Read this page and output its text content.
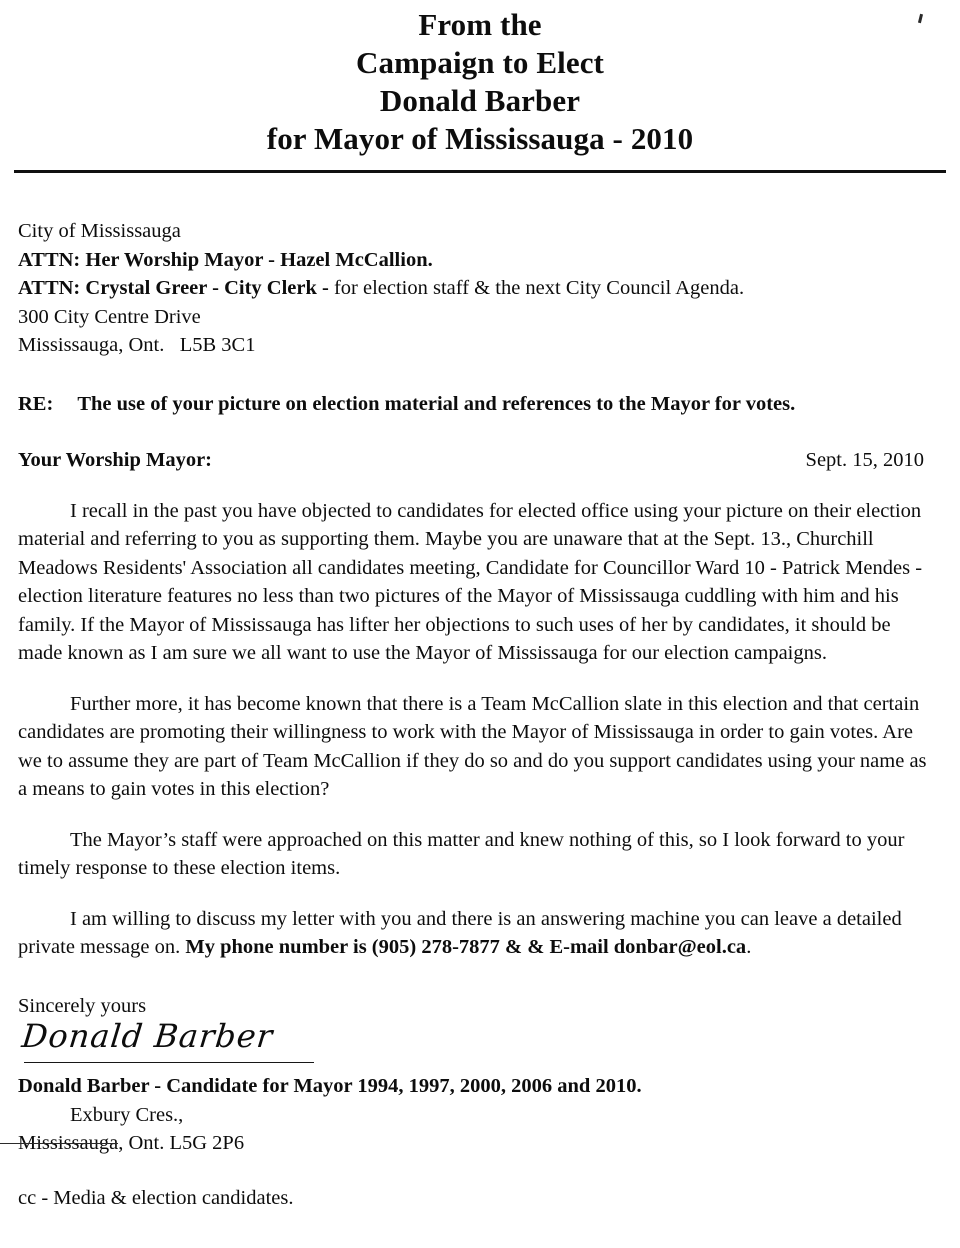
From the
Campaign to Elect
Donald Barber
for Mayor of Mississauga - 2010
City of Mississauga
ATTN: Her Worship Mayor - Hazel McCallion.
ATTN: Crystal Greer - City Clerk - for election staff & the next City Council Agenda.
300 City Centre Drive
Mississauga, Ont.   L5B 3C1
RE: The use of your picture on election material and references to the Mayor for votes.
Your Worship Mayor:	Sept. 15, 2010

I recall in the past you have objected to candidates for elected office using your picture on their election material and referring to you as supporting them. Maybe you are unaware that at the Sept. 13., Churchill Meadows Residents' Association all candidates meeting, Candidate for Councillor Ward 10 - Patrick Mendes - election literature features no less than two pictures of the Mayor of Mississauga cuddling with him and his family. If the Mayor of Mississauga has lifter her objections to such uses of her by candidates, it should be made known as I am sure we all want to use the Mayor of Mississauga for our election campaigns.

Further more, it has become known that there is a Team McCallion slate in this election and that certain candidates are promoting their willingness to work with the Mayor of Mississauga in order to gain votes. Are we to assume they are part of Team McCallion if they do so and do you support candidates using your name as a means to gain votes in this election?

The Mayor’s staff were approached on this matter and knew nothing of this, so I look forward to your timely response to these election items.

I am willing to discuss my letter with you and there is an answering machine you can leave a detailed private message on. My phone number is (905) 278-7877 & & E-mail donbar@eol.ca.

Sincerely yours
Donald Barber
Donald Barber - Candidate for Mayor 1994, 1997, 2000, 2006 and 2010.
Exbury Cres.,
Mississauga, Ont. L5G 2P6
cc - Media & election candidates.
